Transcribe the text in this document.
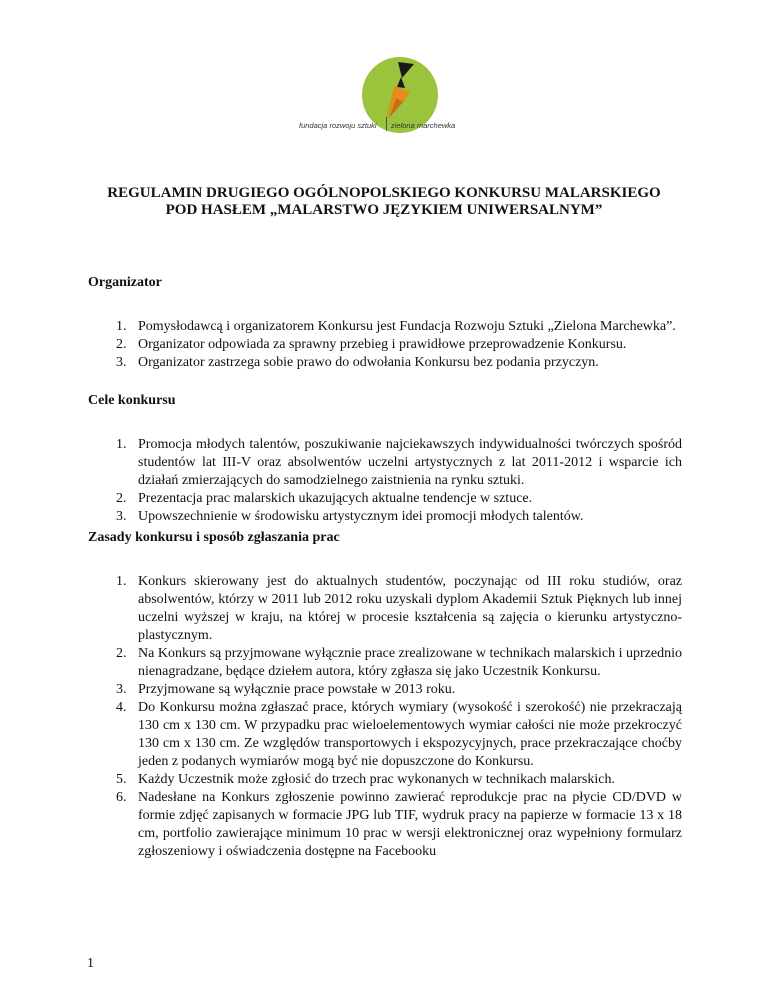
fundacja rozwoju sztuki zielona marchewka
REGULAMIN DRUGIEGO OGÓLNOPOLSKIEGO KONKURSU MALARSKIEGO
POD HASŁEM „MALARSTWO JĘZYKIEM UNIWERSALNYM”
Organizator
1. Pomysłodawcą i organizatorem Konkursu jest Fundacja Rozwoju Sztuki „Zielona Marchewka”.
2. Organizator odpowiada za sprawny przebieg i prawidłowe przeprowadzenie Konkursu.
3. Organizator zastrzega sobie prawo do odwołania Konkursu bez podania przyczyn.
Cele konkursu
1. Promocja młodych talentów, poszukiwanie najciekawszych indywidualności twórczych spośród studentów lat III-V oraz absolwentów uczelni artystycznych z lat 2011-2012 i wsparcie ich działań zmierzających do samodzielnego zaistnienia na rynku sztuki.
2. Prezentacja prac malarskich ukazujących aktualne tendencje w sztuce.
3. Upowszechnienie w środowisku artystycznym idei promocji młodych talentów.
Zasady konkursu i sposób zgłaszania prac
1. Konkurs skierowany jest do aktualnych studentów, poczynając od III roku studiów, oraz absolwentów, którzy w 2011 lub 2012 roku uzyskali dyplom Akademii Sztuk Pięknych lub innej uczelni wyższej w kraju, na której w procesie kształcenia są zajęcia o kierunku artystyczno-plastycznym.
2. Na Konkurs są przyjmowane wyłącznie prace zrealizowane w technikach malarskich i uprzednio nienagradzane, będące dziełem autora, który zgłasza się jako Uczestnik Konkursu.
3. Przyjmowane są wyłącznie prace powstałe w 2013 roku.
4. Do Konkursu można zgłaszać prace, których wymiary (wysokość i szerokość) nie przekraczają 130 cm x 130 cm. W przypadku prac wieloelementowych wymiar całości nie może przekroczyć 130 cm x 130 cm. Ze względów transportowych i ekspozycyjnych, prace przekraczające choćby jeden z podanych wymiarów mogą być nie dopuszczone do Konkursu.
5. Każdy Uczestnik może zgłosić do trzech prac wykonanych w technikach malarskich.
6. Nadesłane na Konkurs zgłoszenie powinno zawierać reprodukcje prac na płycie CD/DVD w formie zdjęć zapisanych w formacie JPG lub TIF, wydruk pracy na papierze w formacie 13 x 18 cm, portfolio zawierające minimum 10 prac w wersji elektronicznej oraz wypełniony formularz zgłoszeniowy i oświadczenia dostępne na Facebooku
1
